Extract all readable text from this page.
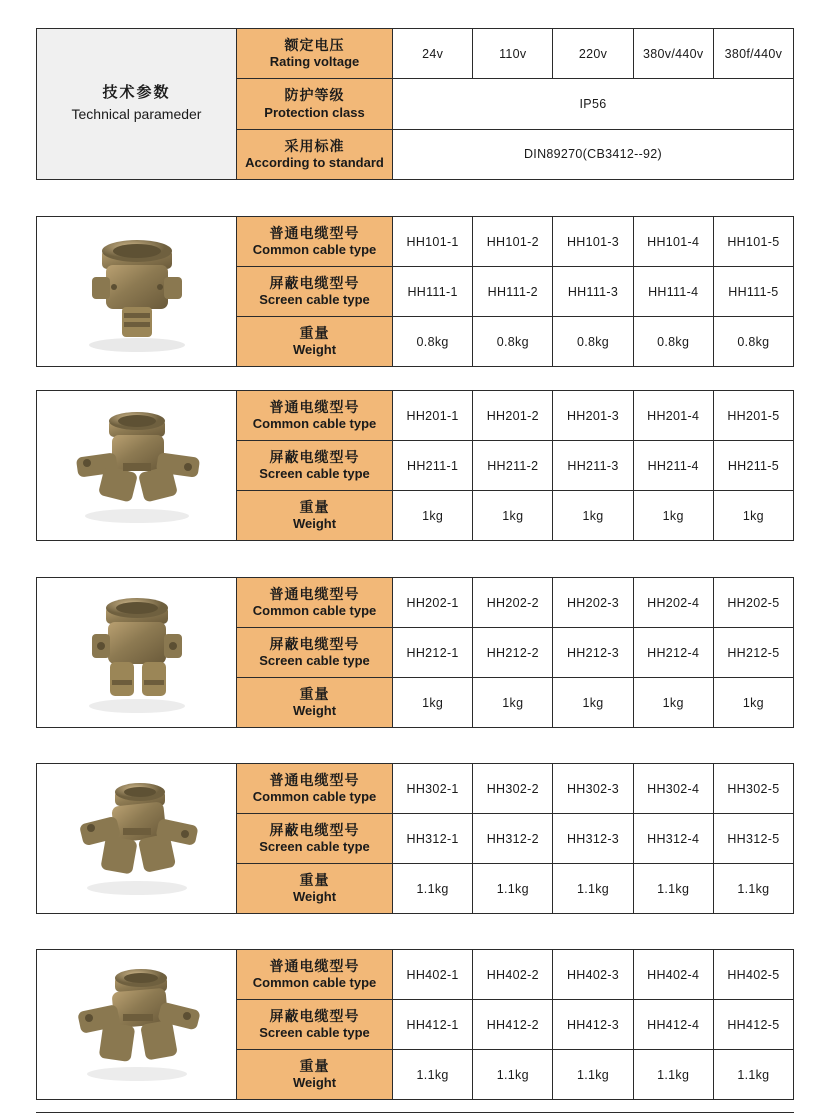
技术参数
Technical parameder
额定电压
Rating voltage
24v	110v	220v	380v/440v	380f/440v
防护等级
Protection class
IP56
采用标准
According to standard
DIN89270(CB3412--92)
普通电缆型号
Common cable type
HH101-1	HH101-2	HH101-3	HH101-4	HH101-5
屏蔽电缆型号
Screen cable type
HH111-1	HH111-2	HH111-3	HH111-4	HH111-5
重量
Weight
0.8kg	0.8kg	0.8kg	0.8kg	0.8kg
普通电缆型号
Common cable type
HH201-1	HH201-2	HH201-3	HH201-4	HH201-5
屏蔽电缆型号
Screen cable type
HH211-1	HH211-2	HH211-3	HH211-4	HH211-5
重量
Weight
1kg	1kg	1kg	1kg	1kg
普通电缆型号
Common cable type
HH202-1	HH202-2	HH202-3	HH202-4	HH202-5
屏蔽电缆型号
Screen cable type
HH212-1	HH212-2	HH212-3	HH212-4	HH212-5
重量
Weight
1kg	1kg	1kg	1kg	1kg
普通电缆型号
Common cable type
HH302-1	HH302-2	HH302-3	HH302-4	HH302-5
屏蔽电缆型号
Screen cable type
HH312-1	HH312-2	HH312-3	HH312-4	HH312-5
重量
Weight
1.1kg	1.1kg	1.1kg	1.1kg	1.1kg
普通电缆型号
Common cable type
HH402-1	HH402-2	HH402-3	HH402-4	HH402-5
屏蔽电缆型号
Screen cable type
HH412-1	HH412-2	HH412-3	HH412-4	HH412-5
重量
Weight
1.1kg	1.1kg	1.1kg	1.1kg	1.1kg
